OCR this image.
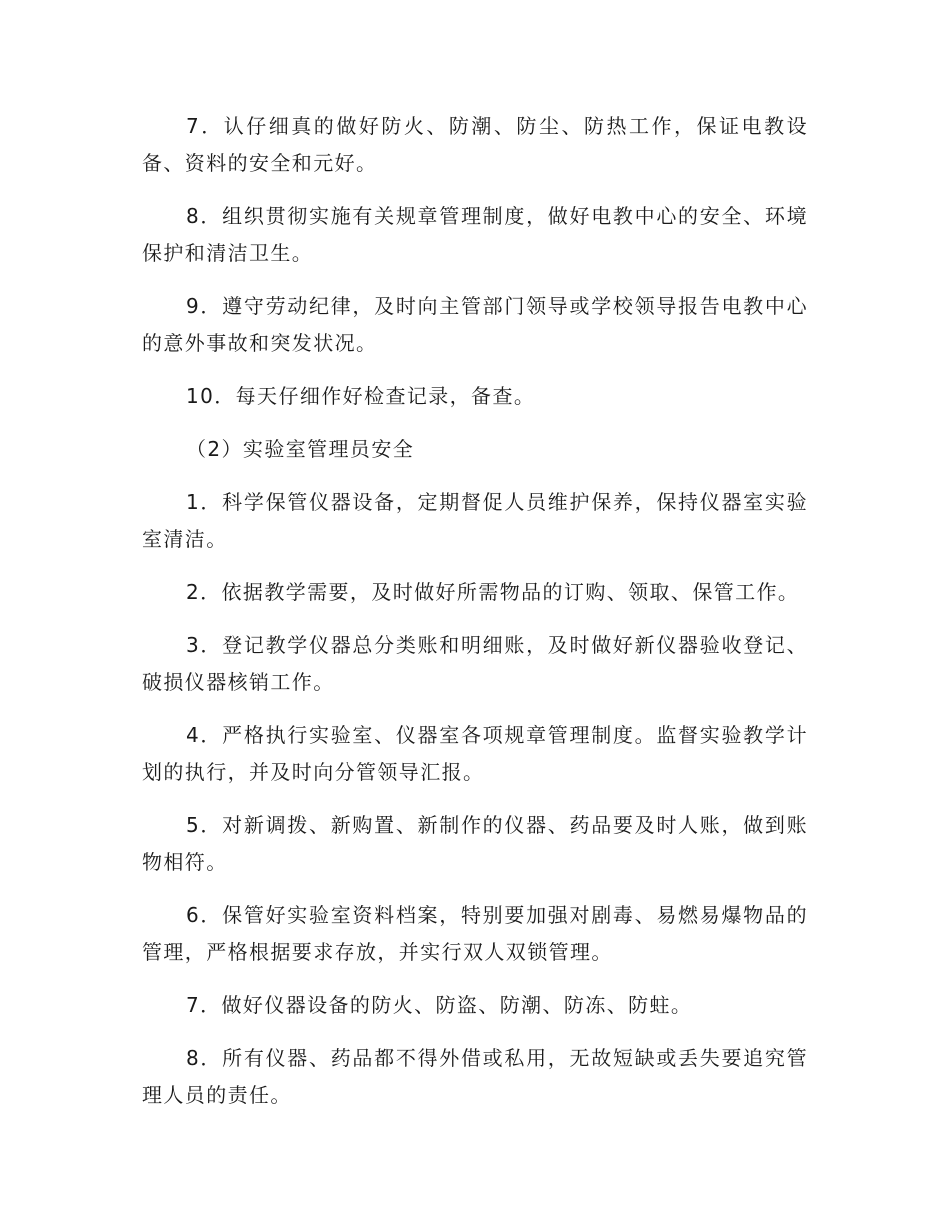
7．认仔细真的做好防火、防潮、防尘、防热工作，保证电教设备、资料的安全和元好。

8．组织贯彻实施有关规章管理制度，做好电教中心的安全、环境保护和清洁卫生。

9．遵守劳动纪律，及时向主管部门领导或学校领导报告电教中心的意外事故和突发状况。

10．每天仔细作好检查记录，备查。

（2）实验室管理员安全

1．科学保管仪器设备，定期督促人员维护保养，保持仪器室实验室清洁。

2．依据教学需要，及时做好所需物品的订购、领取、保管工作。

3．登记教学仪器总分类账和明细账，及时做好新仪器验收登记、破损仪器核销工作。

4．严格执行实验室、仪器室各项规章管理制度。监督实验教学计划的执行，并及时向分管领导汇报。

5．对新调拨、新购置、新制作的仪器、药品要及时人账，做到账物相符。

6．保管好实验室资料档案，特别要加强对剧毒、易燃易爆物品的管理，严格根据要求存放，并实行双人双锁管理。

7．做好仪器设备的防火、防盗、防潮、防冻、防蛀。

8．所有仪器、药品都不得外借或私用，无故短缺或丢失要追究管理人员的责任。
